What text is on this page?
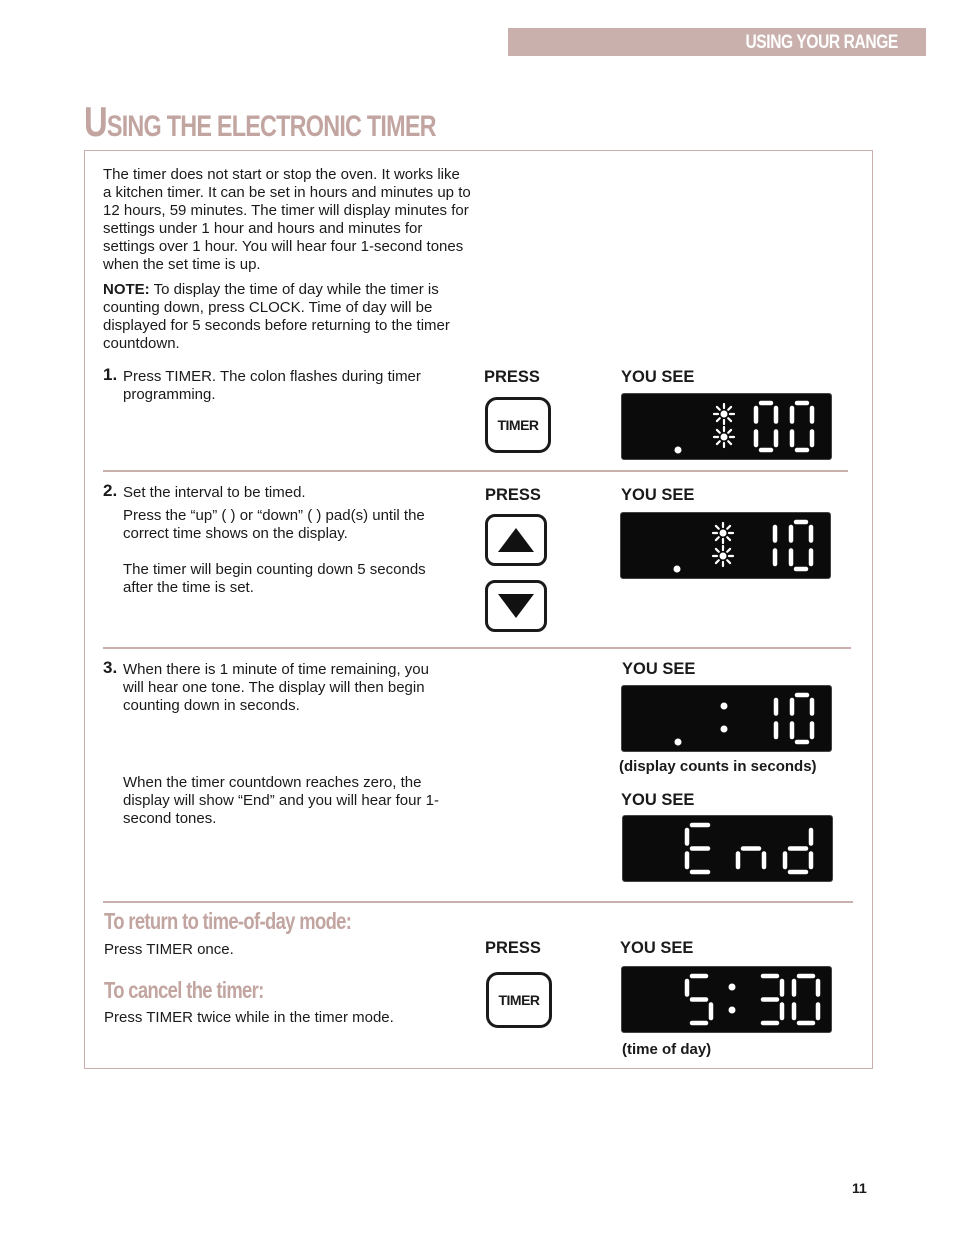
USING YOUR RANGE
USING THE ELECTRONIC TIMER
The timer does not start or stop the oven. It works like a kitchen timer. It can be set in hours and minutes up to 12 hours, 59 minutes. The timer will display minutes for settings under 1 hour and hours and minutes for settings over 1 hour. You will hear four 1-second tones when the set time is up.
NOTE: To display the time of day while the timer is counting down, press CLOCK. Time of day will be displayed for 5 seconds before returning to the timer countdown.
1. Press TIMER. The colon flashes during timer programming.
PRESS	YOU SEE
TIMER
2. Set the interval to be timed.
Press the “up” ( ) or “down” ( ) pad(s) until the correct time shows on the display.
The timer will begin counting down 5 seconds after the time is set.
PRESS	YOU SEE
3. When there is 1 minute of time remaining, you will hear one tone. The display will then begin counting down in seconds.
When the timer countdown reaches zero, the display will show “End” and you will hear four 1-second tones.
YOU SEE
(display counts in seconds)
YOU SEE
To return to time-of-day mode:
Press TIMER once.
To cancel the timer:
Press TIMER twice while in the timer mode.
PRESS	YOU SEE
TIMER
(time of day)
11
